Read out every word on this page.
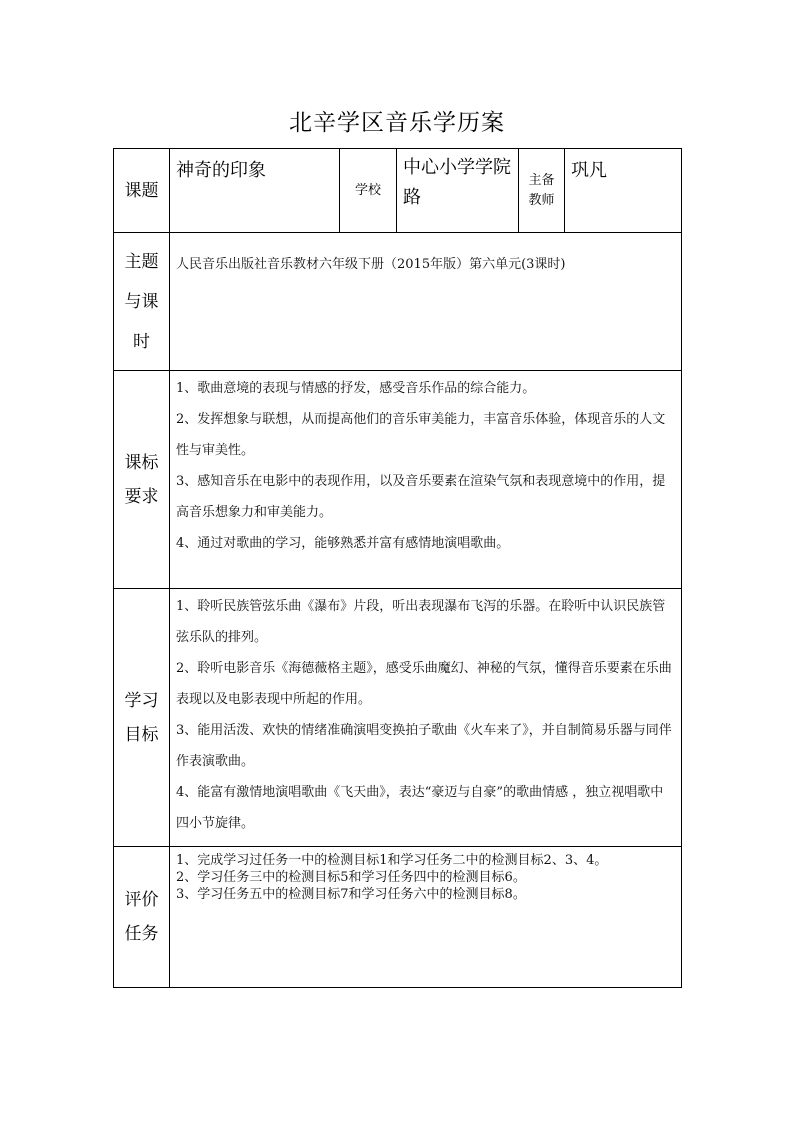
北辛学区音乐学历案
课题	神奇的印象	学校	中心小学学院路	主备教师	巩凡
主题与课时	人民音乐出版社音乐教材六年级下册（2015年版）第六单元(3课时)				
课标要求	1、歌曲意境的表现与情感的抒发，感受音乐作品的综合能力。

2、发挥想象与联想，从而提高他们的音乐审美能力，丰富音乐体验，体现音乐的人文性与审美性。

3、感知音乐在电影中的表现作用，以及音乐要素在渲染气氛和表现意境中的作用，提高音乐想象力和审美能力。

4、通过对歌曲的学习，能够熟悉并富有感情地演唱歌曲。				

学习目标	1、聆听民族管弦乐曲《瀑布》片段，听出表现瀑布飞泻的乐器。在聆听中认识民族管弦乐队的排列。

2、聆听电影音乐《海德薇格主题》，感受乐曲魔幻、神秘的气氛，懂得音乐要素在乐曲表现以及电影表现中所起的作用。

3、能用活泼、欢快的情绪准确演唱变换拍子歌曲《火车来了》，并自制简易乐器与同伴作表演歌曲。

4、能富有激情地演唱歌曲《飞天曲》，表达“豪迈与自豪”的歌曲情感 ，独立视唱歌中四小节旋律。				

评价任务	1、完成学习过任务一中的检测目标1和学习任务二中的检测目标2、3、4。

2、学习任务三中的检测目标5和学习任务四中的检测目标6。

3、学习任务五中的检测目标7和学习任务六中的检测目标8。				
